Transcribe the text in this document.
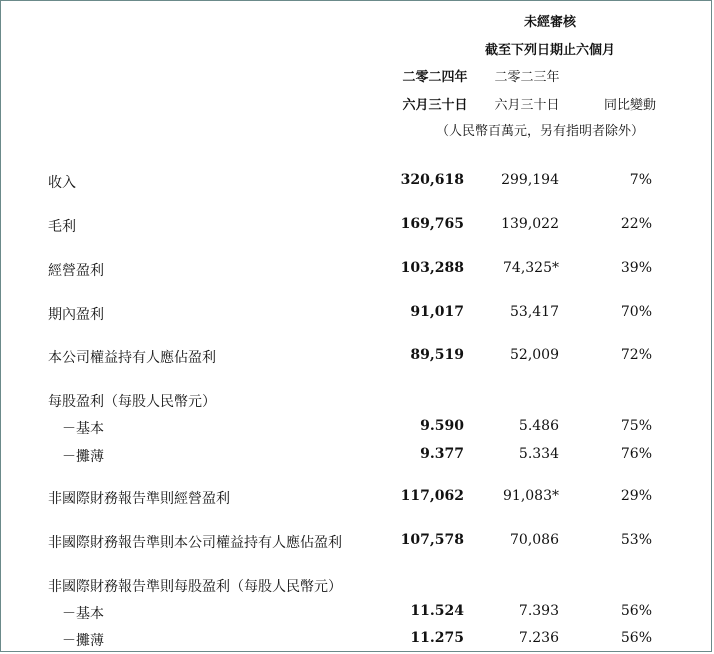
未經審核
截至下列日期止六個月
二零二四年	二零二三年
六月三十日	六月三十日	同比變動
（人民幣百萬元，另有指明者除外）
收入	320,618	299,194	7%
毛利	169,765	139,022	22%
經營盈利	103,288	74,325*	39%
期內盈利	91,017	53,417	70%
本公司權益持有人應佔盈利	89,519	52,009	72%
每股盈利（每股人民幣元）
－基本	9.590	5.486	75%
－攤薄	9.377	5.334	76%
非國際財務報告準則經營盈利	117,062	91,083*	29%
非國際財務報告準則本公司權益持有人應佔盈利	107,578	70,086	53%
非國際財務報告準則每股盈利（每股人民幣元）
－基本	11.524	7.393	56%
－攤薄	11.275	7.236	56%
